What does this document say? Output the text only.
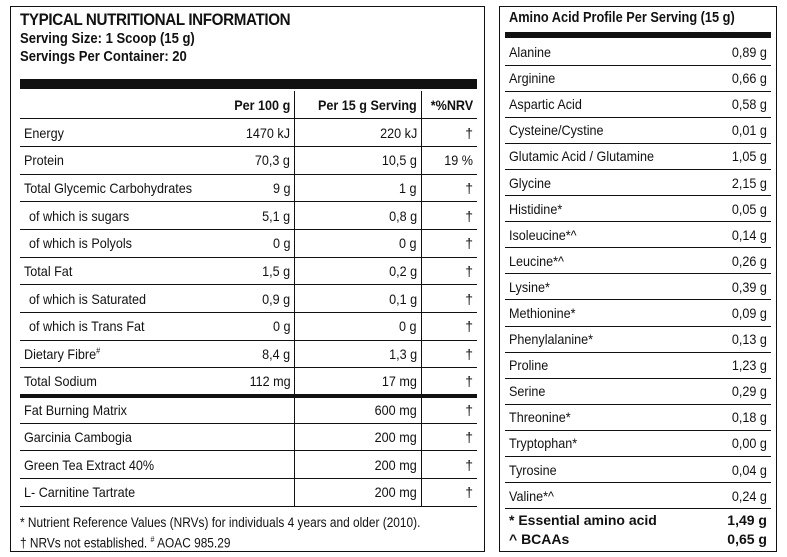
TYPICAL NUTRITIONAL INFORMATION
Serving Size: 1 Scoop (15 g)
Servings Per Container: 20
	Per 100 g	Per 15 g Serving	*%NRV
Energy	1470 kJ	220 kJ	†
Protein	70,3 g	10,5 g	19 %
Total Glycemic Carbohydrates	9 g	1 g	†
of which is sugars	5,1 g	0,8 g	†
of which is Polyols	0 g	0 g	†
Total Fat	1,5 g	0,2 g	†
of which is Saturated	0,9 g	0,1 g	†
of which is Trans Fat	0 g	0 g	†
Dietary Fibre#	8,4 g	1,3 g	†
Total Sodium	112 mg	17 mg	†
Fat Burning Matrix		600 mg	†
Garcinia Cambogia		200 mg	†
Green Tea Extract 40%		200 mg	†
L- Carnitine Tartrate		200 mg	†
* Nutrient Reference Values (NRVs) for individuals 4 years and older (2010).
† NRVs not established. # AOAC 985.29
Amino Acid Profile Per Serving (15 g)
Alanine	0,89 g
Arginine	0,66 g
Aspartic Acid	0,58 g
Cysteine/Cystine	0,01 g
Glutamic Acid / Glutamine	1,05 g
Glycine	2,15 g
Histidine*	0,05 g
Isoleucine*^	0,14 g
Leucine*^	0,26 g
Lysine*	0,39 g
Methionine*	0,09 g
Phenylalanine*	0,13 g
Proline	1,23 g
Serine	0,29 g
Threonine*	0,18 g
Tryptophan*	0,00 g
Tyrosine	0,04 g
Valine*^	0,24 g
* Essential amino acid	1,49 g
^ BCAAs	0,65 g
